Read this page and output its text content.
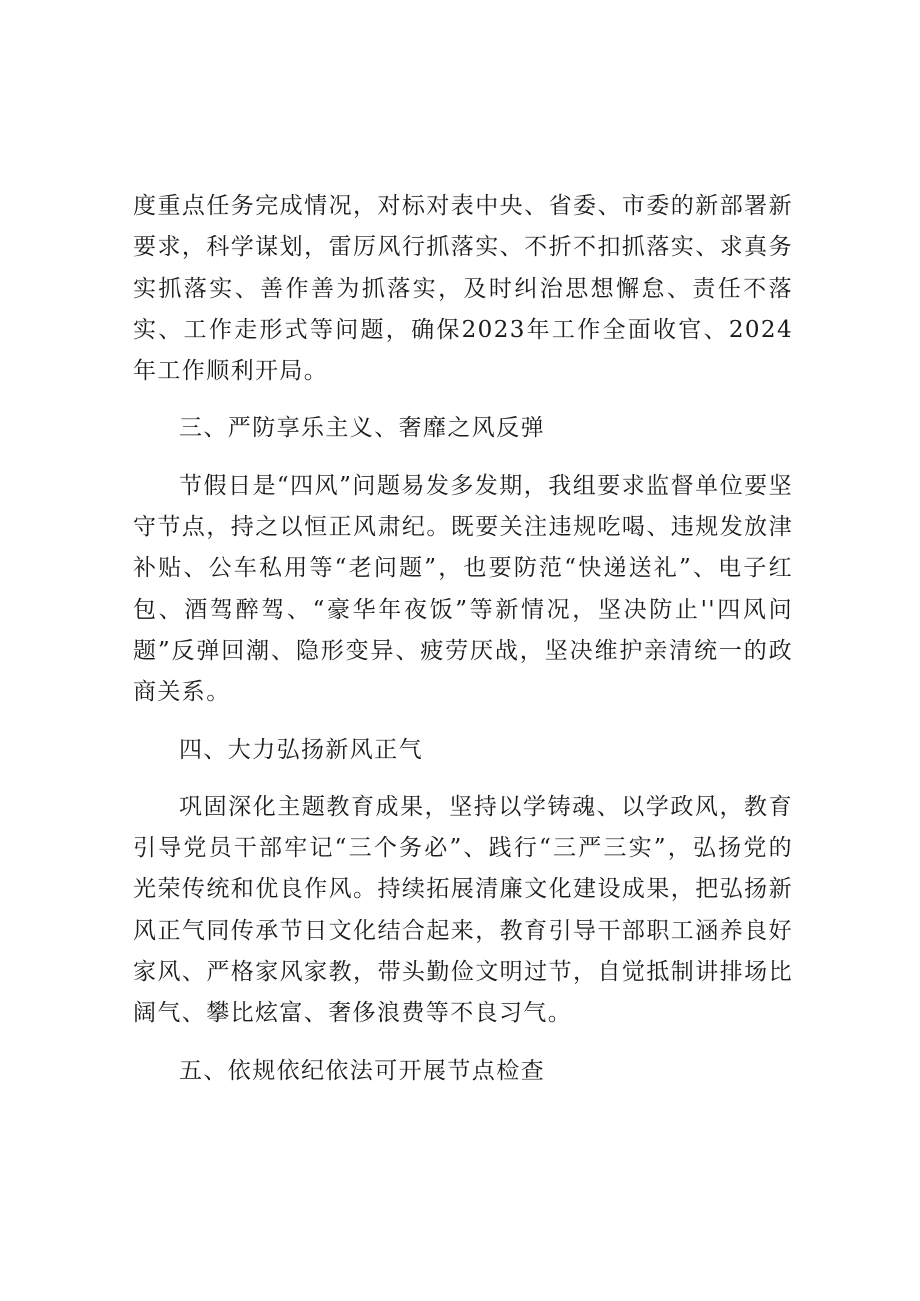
度重点任务完成情况，对标对表中央、省委、市委的新部署新要求，科学谋划，雷厉风行抓落实、不折不扣抓落实、求真务实抓落实、善作善为抓落实，及时纠治思想懈怠、责任不落实、工作走形式等问题，确保2023年工作全面收官、2024年工作顺利开局。

三、严防享乐主义、奢靡之风反弹

节假日是“四风”问题易发多发期，我组要求监督单位要坚守节点，持之以恒正风肃纪。既要关注违规吃喝、违规发放津补贴、公车私用等“老问题”，也要防范“快递送礼”、电子红包、酒驾醉驾、“豪华年夜饭”等新情况，坚决防止''四风问题”反弹回潮、隐形变异、疲劳厌战，坚决维护亲清统一的政商关系。

四、大力弘扬新风正气

巩固深化主题教育成果，坚持以学铸魂、以学政风，教育引导党员干部牢记“三个务必”、践行“三严三实”，弘扬党的光荣传统和优良作风。持续拓展清廉文化建设成果，把弘扬新风正气同传承节日文化结合起来，教育引导干部职工涵养良好家风、严格家风家教，带头勤俭文明过节，自觉抵制讲排场比阔气、攀比炫富、奢侈浪费等不良习气。

五、依规依纪依法可开展节点检查
